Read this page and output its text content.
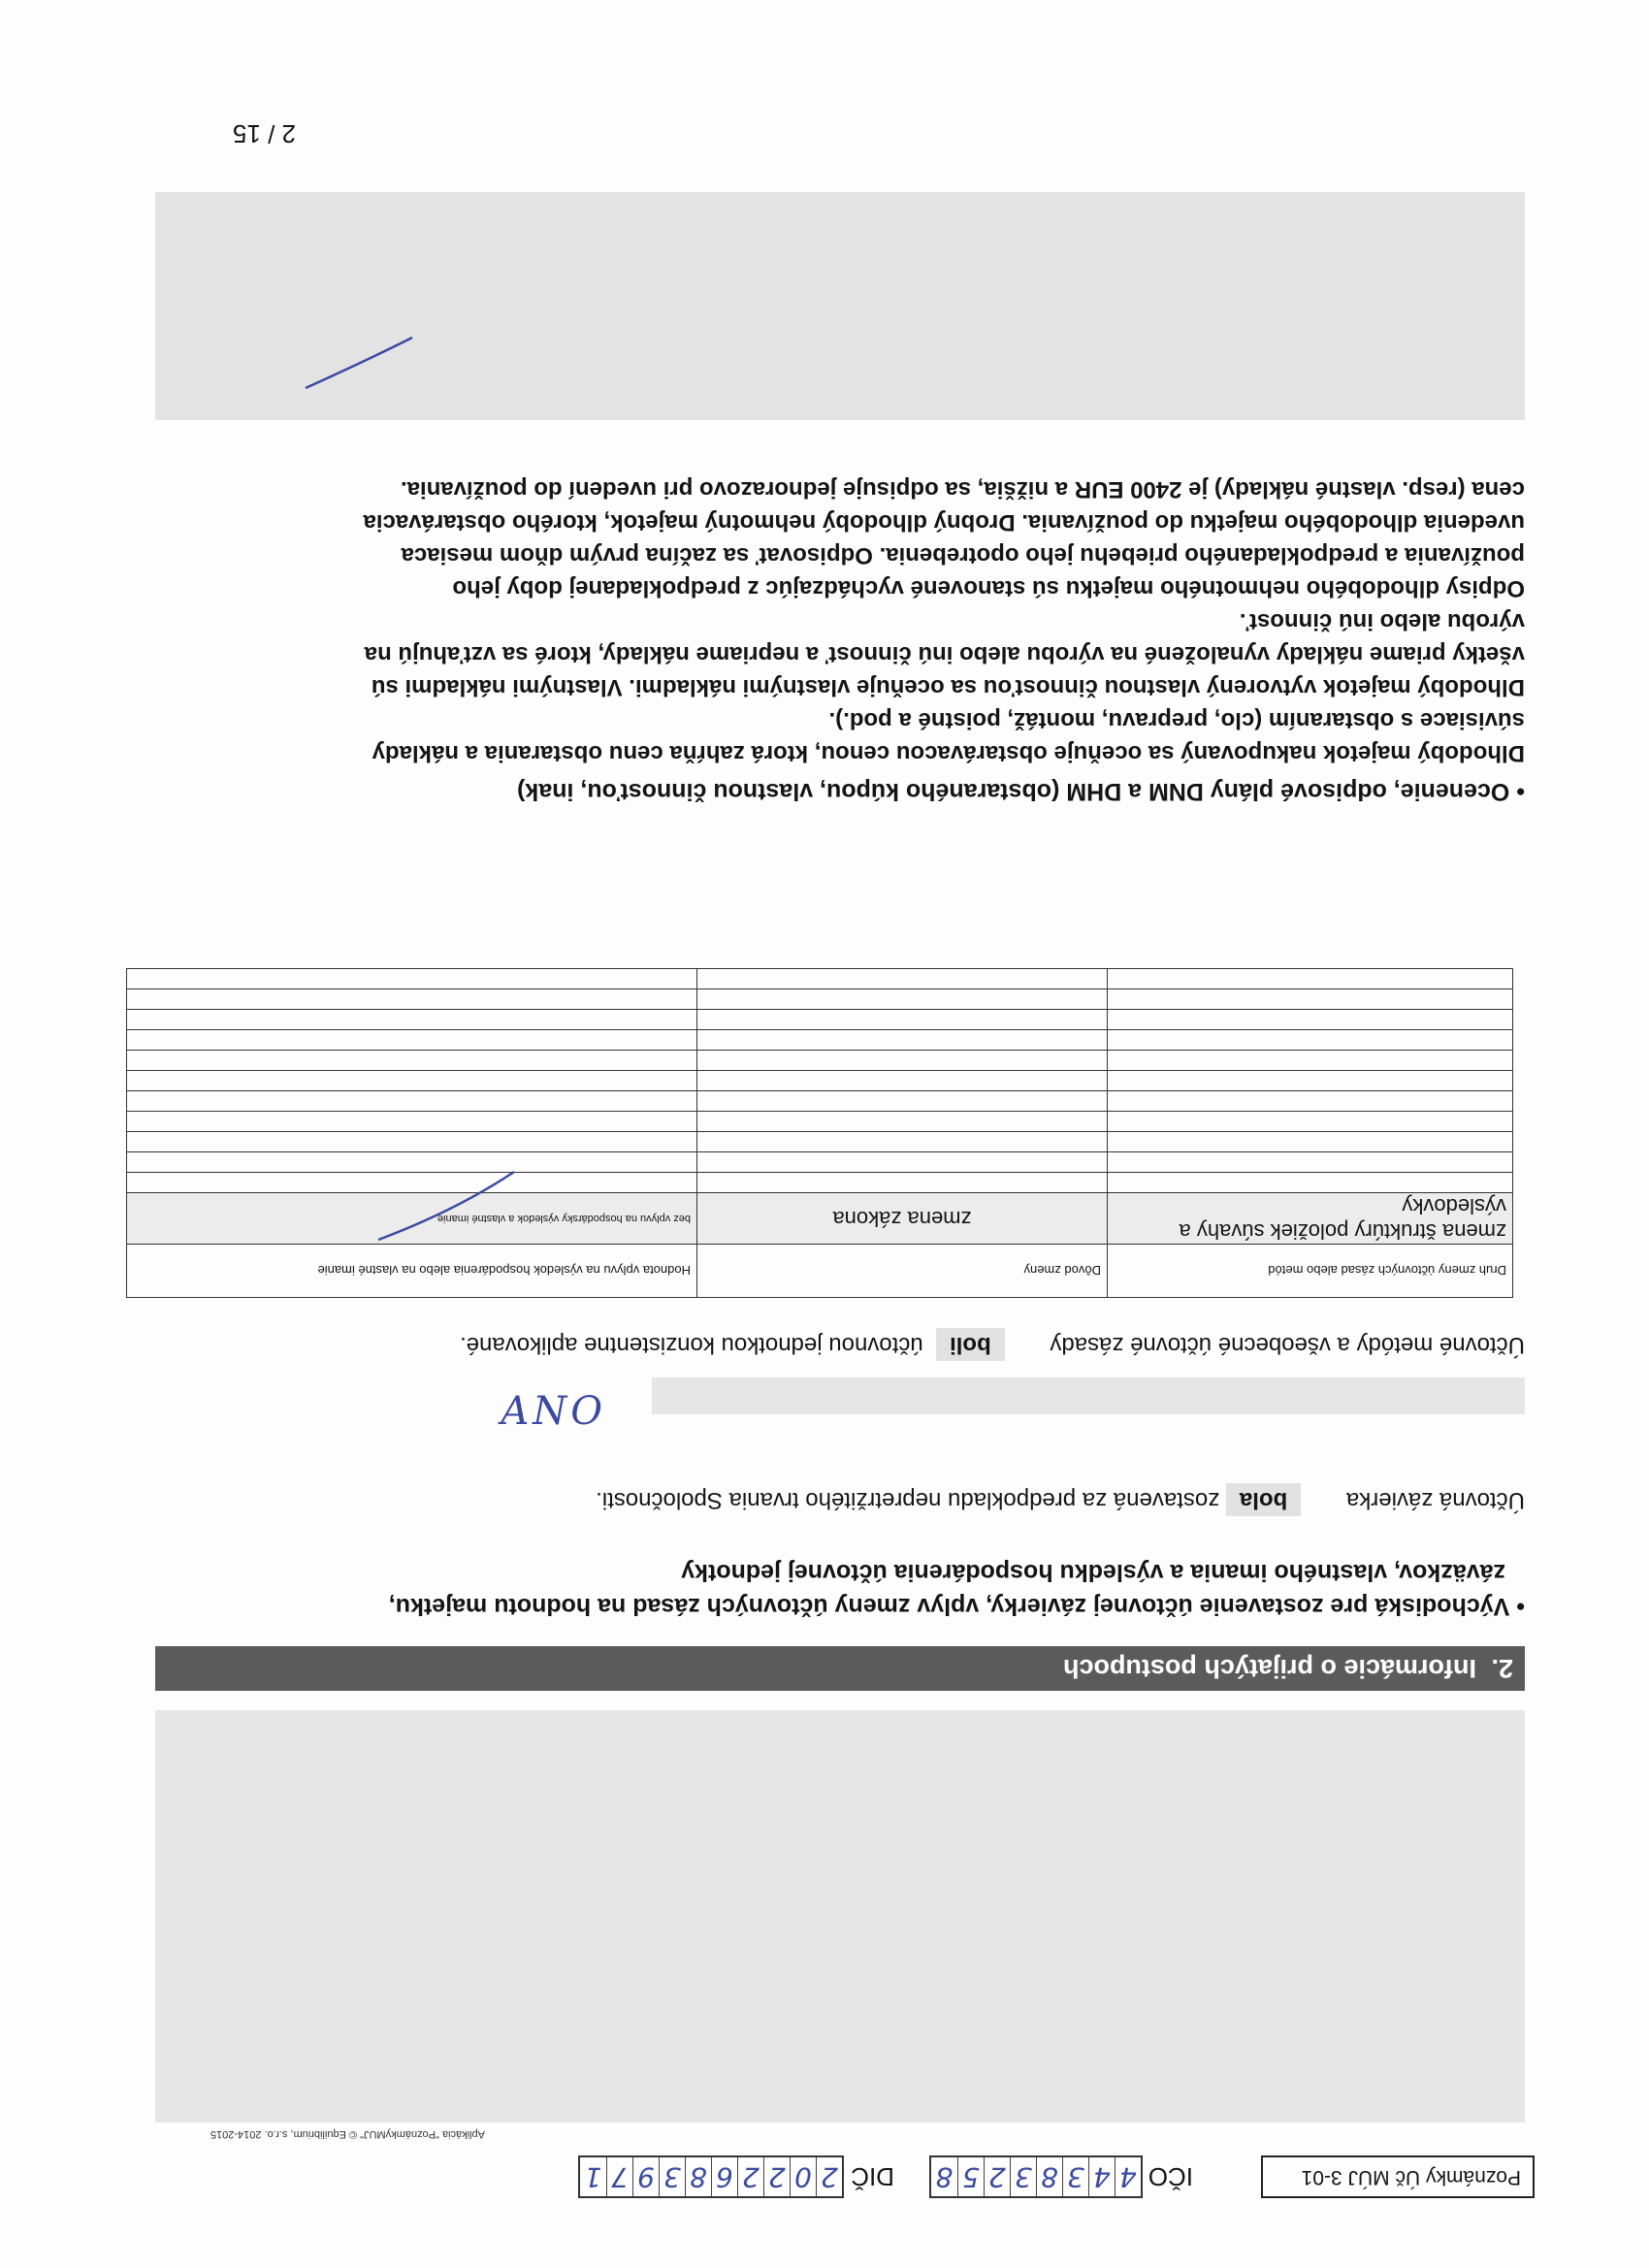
Poznámky Úč MÚJ 3-01
IČO
4
4
3
8
3
2
5
8
DIČ
2
0
2
2
6
8
3
9
7
1
Aplikácia "PoznámkyMUJ" © Equilibrium, s.r.o. 2014-2015
2.
Informácie o prijatých postupoch
• Východiská pre zostavenie účtovnej závierky, vplyv zmeny účtovných zásad na hodnotu majetku,
záväzkov, vlastného imania a výsledku hospodárenia účtovnej jednotky
Účtovná závierka       bola zostavená za predpokladu nepretržitého trvania Spoločnosti.
ANO
Účtovné metódy a všeobecné účtovné zásady       boli  účtovnou jednotkou konzistentne aplikované.
Druh zmeny účtovných zásad alebo metód	Dôvod zmeny	Hodnota vplyvu na výsledok hospodárenia alebo na vlastné imanie
zmena štruktúry položiek súvahy a výsledovky	zmena zákona	bez vplyvu na hospodársky výsledok a vlastné imanie

• Ocenenie, odpisové plány DNM a DHM (obstaraného kúpou, vlastnou činnosťou, inak)
Dlhodobý majetok nakupovaný sa oceňuje obstarávacou cenou, ktorá zahŕňa cenu obstarania a náklady
súvisiace s obstaraním (clo, prepravu, montáž, poistné a pod.).
Dlhodobý majetok vytvorený vlastnou činnosťou sa oceňuje vlastnými nákladmi. Vlastnými nákladmi sú
všetky priame náklady vynaložené na výrobu alebo inú činnosť a nepriame náklady, ktoré sa vzťahujú na
výrobu alebo inú činnosť.
Odpisy dlhodobého nehmotného majetku sú stanovené vychádzajúc z predpokladanej doby jeho
používania a predpokladaného priebehu jeho opotrebenia. Odpisovať sa začína prvým dňom mesiaca
uvedenia dlhodobého majetku do používania. Drobný dlhodobý nehmotný majetok, ktorého obstarávacia
cena (resp. vlastné náklady) je 2400 EUR a nižšia, sa odpisuje jednorazovo pri uvedení do používania.
2 / 15
